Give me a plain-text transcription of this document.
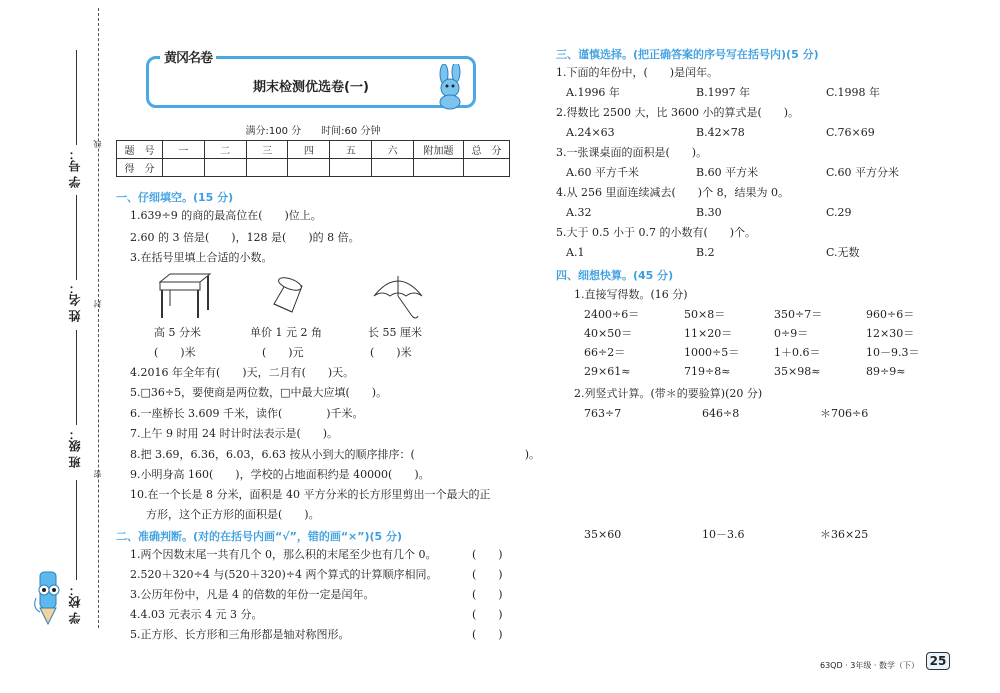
学 号：
姓 名：
班 级：
学 校：
线
封
密
黄冈名卷
期末检测优选卷(一)
满分:100 分　　时间:60 分钟
题　号	一	二	三	四	五	六	附加题	总　分
得　分								
一、仔细填空。(15 分)
1.639÷9 的商的最高位在(　　)位上。
2.60 的 3 倍是(　　)，128 是(　　)的 8 倍。
3.在括号里填上合适的小数。
高 5 分米	单价 1 元 2 角	长 55 厘米
(　　)米	(　　)元	(　　)米
4.2016 年全年有(　　)天，二月有(　　)天。
5.□36÷5，要使商是两位数，□中最大应填(　　)。
6.一座桥长 3.609 千米，读作(　　　　)千米。
7.上午 9 时用 24 时计时法表示是(　　)。
8.把 3.69，6.36，6.03，6.63 按从小到大的顺序排序：(　　　　　　　　　　)。
9.小明身高 160(　　)，学校的占地面积约是 40000(　　)。
10.在一个长是 8 分米，面积是 40 平方分米的长方形里剪出一个最大的正
方形，这个正方形的面积是(　　)。
二、准确判断。(对的在括号内画“√”，错的画“×”)(5 分)
1.两个因数末尾一共有几个 0，那么积的末尾至少也有几个 0。	(　　)
2.520＋320÷4 与(520＋320)÷4 两个算式的计算顺序相同。	(　　)
3.公历年份中，凡是 4 的倍数的年份一定是闰年。	(　　)
4.4.03 元表示 4 元 3 分。	(　　)
5.正方形、长方形和三角形都是轴对称图形。	(　　)
三、谨慎选择。(把正确答案的序号写在括号内)(5 分)
1.下面的年份中，(　　)是闰年。
A.1996 年	B.1997 年	C.1998 年
2.得数比 2500 大，比 3600 小的算式是(　　)。
A.24×63	B.42×78	C.76×69
3.一张课桌面的面积是(　　)。
A.60 平方千米	B.60 平方米	C.60 平方分米
4.从 256 里面连续减去(　　)个 8，结果为 0。
A.32	B.30	C.29
5.大于 0.5 小于 0.7 的小数有(　　)个。
A.1	B.2	C.无数
四、细想快算。(45 分)
1.直接写得数。(16 分)
2400÷6＝	50×8＝	350÷7＝	960÷6＝
40×50＝	11×20＝	0÷9＝	12×30＝
66÷2＝	1000÷5＝	1＋0.6＝	10－9.3＝
29×61≈	719÷8≈	35×98≈	89÷9≈
2.列竖式计算。(带＊的要验算)(20 分)
763÷7	646÷8	＊706÷6
35×60	10－3.6	＊36×25
63QD · 3年级 · 数学（下） 25
